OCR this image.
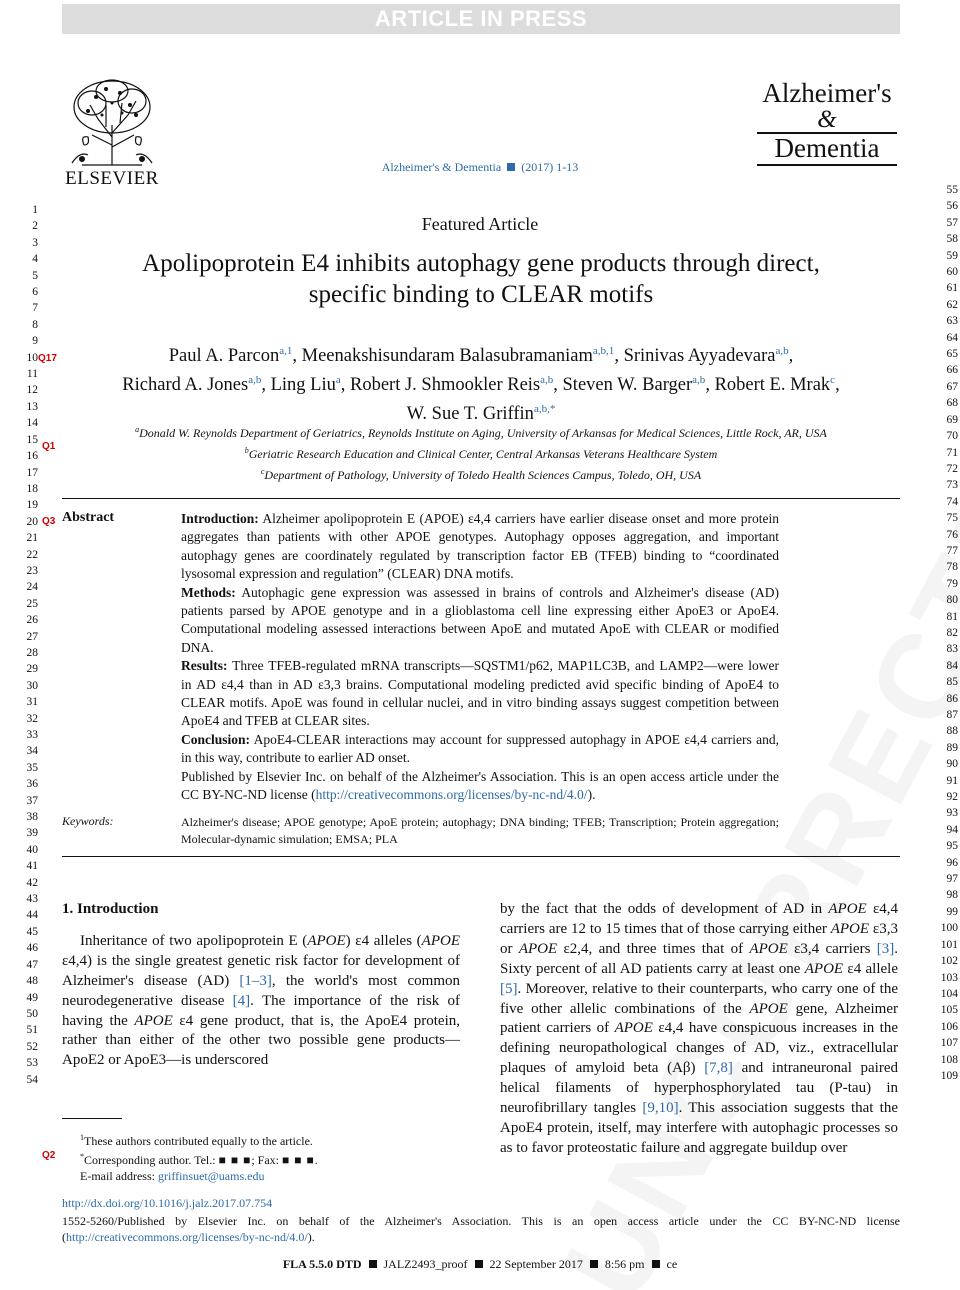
ARTICLE IN PRESS
ELSEVIER
Alzheimer's & Dementia (2017) 1-13
Alzheimer's
&
Dementia
1
2
3
4
5
6
7
8
9
10
11
12
13
14
15
16
17
18
19
20
21
22
23
24
25
26
27
28
29
30
31
32
33
34
35
36
37
38
39
40
41
42
43
44
45
46
47
48
49
50
51
52
53
54
55
56
57
58
59
60
61
62
63
64
65
66
67
68
69
70
71
72
73
74
75
76
77
78
79
80
81
82
83
84
85
86
87
88
89
90
91
92
93
94
95
96
97
98
99
100
101
102
103
104
105
106
107
108
109
Q17
Q1
Q3
Q2
Featured Article
Apolipoprotein E4 inhibits autophagy gene products through direct,
specific binding to CLEAR motifs
Paul A. Parcon$^{a,1}$, Meenakshisundaram Balasubramaniam$^{a,b,1}$, Srinivas Ayyadevara$^{a,b}$,
Richard A. Jones$^{a,b}$, Ling Liu$^a$, Robert J. Shmookler Reis$^{a,b}$, Steven W. Barger$^{a,b}$, Robert E. Mrak$^c$,
W. Sue T. Griffin$^{a,b,*}$
$^a$Donald W. Reynolds Department of Geriatrics, Reynolds Institute on Aging, University of Arkansas for Medical Sciences, Little Rock, AR, USA
$^b$Geriatric Research Education and Clinical Center, Central Arkansas Veterans Healthcare System
$^c$Department of Pathology, University of Toledo Health Sciences Campus, Toledo, OH, USA
Abstract	Introduction: Alzheimer apolipoprotein E (APOE) ε4,4 carriers have earlier disease onset and more protein aggregates than patients with other APOE genotypes. Autophagy opposes aggregation, and important autophagy genes are coordinately regulated by transcription factor EB (TFEB) binding to “coordinated lysosomal expression and regulation” (CLEAR) DNA motifs.
Methods: Autophagic gene expression was assessed in brains of controls and Alzheimer's disease (AD) patients parsed by APOE genotype and in a glioblastoma cell line expressing either ApoE3 or ApoE4. Computational modeling assessed interactions between ApoE and mutated ApoE with CLEAR or modified DNA.
Results: Three TFEB-regulated mRNA transcripts—SQSTM1/p62, MAP1LC3B, and LAMP2—were lower in AD ε4,4 than in AD ε3,3 brains. Computational modeling predicted avid specific binding of ApoE4 to CLEAR motifs. ApoE was found in cellular nuclei, and in vitro binding assays suggest competition between ApoE4 and TFEB at CLEAR sites.
Conclusion: ApoE4-CLEAR interactions may account for suppressed autophagy in APOE ε4,4 carriers and, in this way, contribute to earlier AD onset.
Published by Elsevier Inc. on behalf of the Alzheimer's Association. This is an open access article under the CC BY-NC-ND license (http://creativecommons.org/licenses/by-nc-nd/4.0/).
Keywords:	Alzheimer's disease; APOE genotype; ApoE protein; autophagy; DNA binding; TFEB; Transcription; Protein aggregation; Molecular-dynamic simulation; EMSA; PLA
1. Introduction

Inheritance of two apolipoprotein E (APOE) ε4 alleles (APOE ε4,4) is the single greatest genetic risk factor for development of Alzheimer's disease (AD) [1–3], the world's most common neurodegenerative disease [4]. The importance of the risk of having the APOE ε4 gene product, that is, the ApoE4 protein, rather than either of the other two possible gene products—ApoE2 or ApoE3—is underscored

by the fact that the odds of development of AD in APOE ε4,4 carriers are 12 to 15 times that of those carrying either APOE ε3,3 or APOE ε2,4, and three times that of APOE ε3,4 carriers [3]. Sixty percent of all AD patients carry at least one APOE ε4 allele [5]. Moreover, relative to their counterparts, who carry one of the five other allelic combinations of the APOE gene, Alzheimer patient carriers of APOE ε4,4 have conspicuous increases in the defining neuropathological changes of AD, viz., extracellular plaques of amyloid beta (Aβ) [7,8] and intraneuronal paired helical filaments of hyperphosphorylated tau (P-tau) in neurofibrillary tangles [9,10]. This association suggests that the ApoE4 protein, itself, may interfere with autophagic processes so as to favor proteostatic failure and aggregate buildup over

$^1$These authors contributed equally to the article.
*Corresponding author. Tel.: ■ ■ ■; Fax: ■ ■ ■.
E-mail address: griffinsuet@uams.edu
http://dx.doi.org/10.1016/j.jalz.2017.07.754
1552-5260/Published by Elsevier Inc. on behalf of the Alzheimer's Association. This is an open access article under the CC BY-NC-ND license (http://creativecommons.org/licenses/by-nc-nd/4.0/).
FLA 5.5.0 DTD JALZ2493_proof 22 September 2017 8:56 pm ce
